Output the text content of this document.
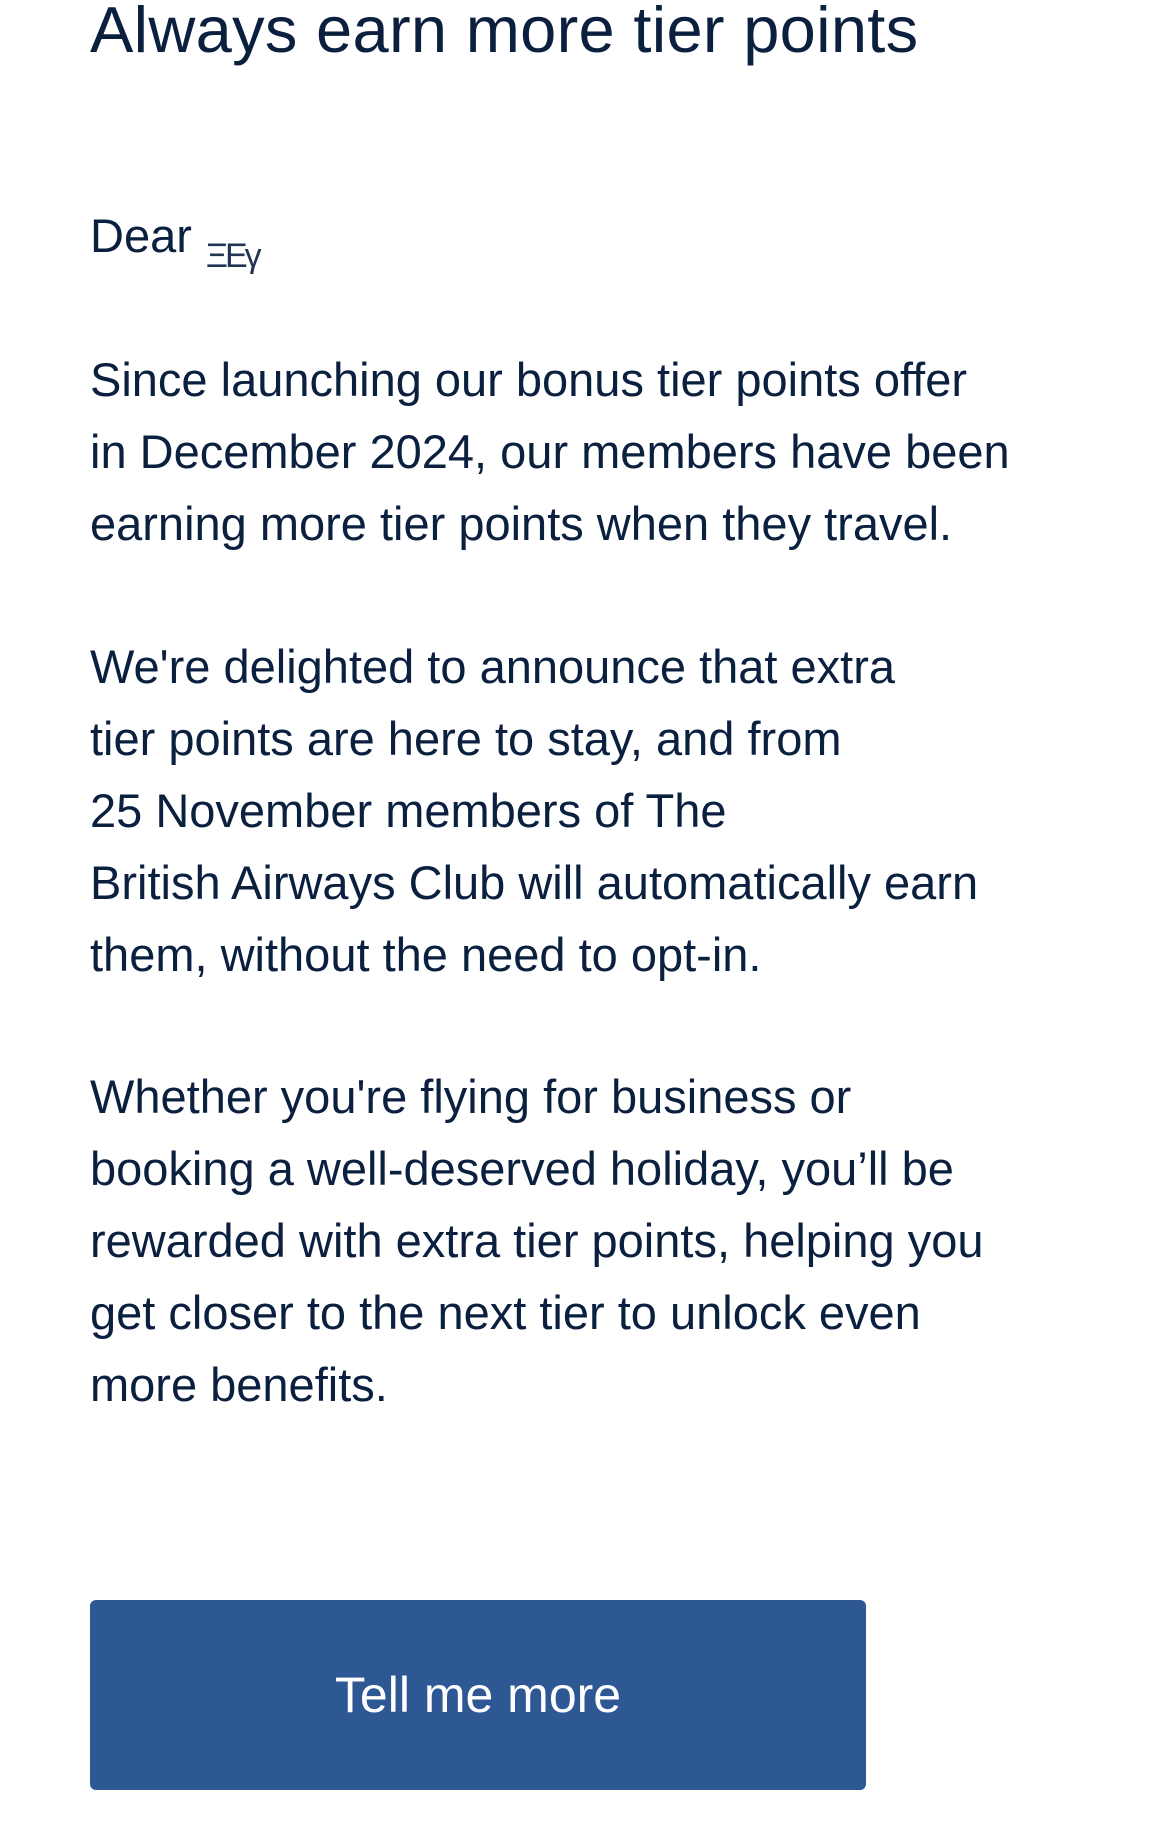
Always earn more tier points

Dear ΞΕγ

Since launching our bonus tier points offer
in December 2024, our members have been
earning more tier points when they travel.

We're delighted to announce that extra
tier points are here to stay, and from
25 November members of The
British Airways Club will automatically earn
them, without the need to opt-in.

Whether you're flying for business or
booking a well-deserved holiday, you’ll be
rewarded with extra tier points, helping you
get closer to the next tier to unlock even
more benefits.

Tell me more
